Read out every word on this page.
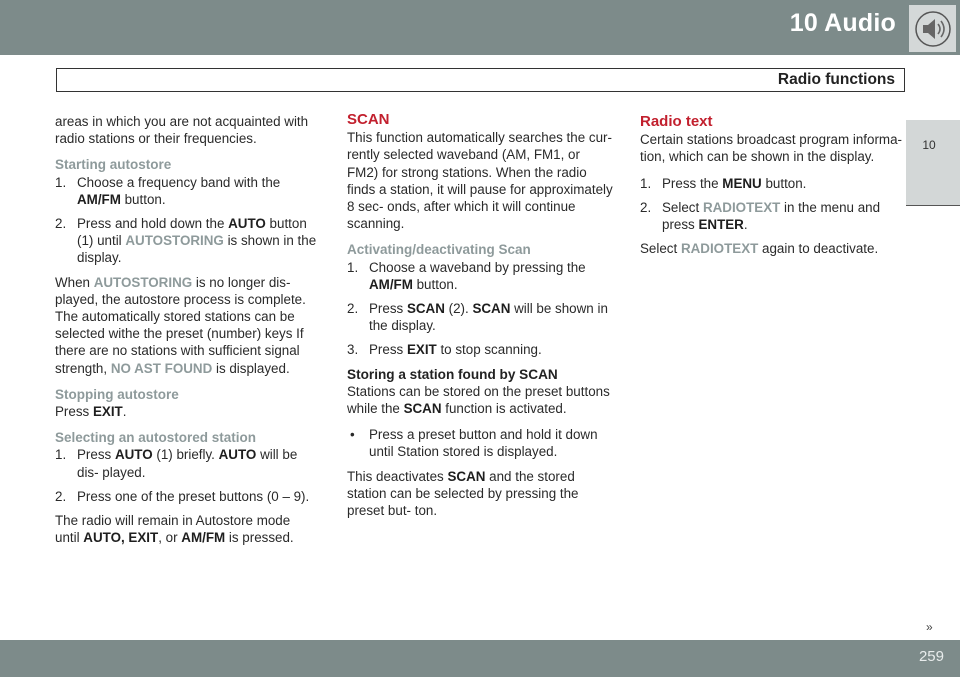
10 Audio
Radio functions
10
areas in which you are not acquainted with radio stations or their frequencies.
Starting autostore
1. Choose a frequency band with the AM/FM button.
2. Press and hold down the AUTO button (1) until AUTOSTORING is shown in the display.
When AUTOSTORING is no longer dis- played, the autostore process is complete. The automatically stored stations can be selected withe the preset (number) keys If there are no stations with sufficient signal strength, NO AST FOUND is displayed.
Stopping autostore
Press EXIT.
Selecting an autostored station
1. Press AUTO (1) briefly. AUTO will be dis- played.
2. Press one of the preset buttons (0 – 9).
The radio will remain in Autostore mode until AUTO, EXIT, or AM/FM is pressed.
SCAN
This function automatically searches the cur- rently selected waveband (AM, FM1, or FM2) for strong stations. When the radio finds a station, it will pause for approximately 8 sec- onds, after which it will continue scanning.
Activating/deactivating Scan
1. Choose a waveband by pressing the AM/FM button.
2. Press SCAN (2). SCAN will be shown in the display.
3. Press EXIT to stop scanning.
Storing a station found by SCAN
Stations can be stored on the preset buttons while the SCAN function is activated.
•	Press a preset button and hold it down until Station stored is displayed.
This deactivates SCAN and the stored station can be selected by pressing the preset but- ton.
Radio text
Certain stations broadcast program informa- tion, which can be shown in the display.
1. Press the MENU button.
2. Select RADIOTEXT in the menu and press ENTER.
Select RADIOTEXT again to deactivate.
»
259
